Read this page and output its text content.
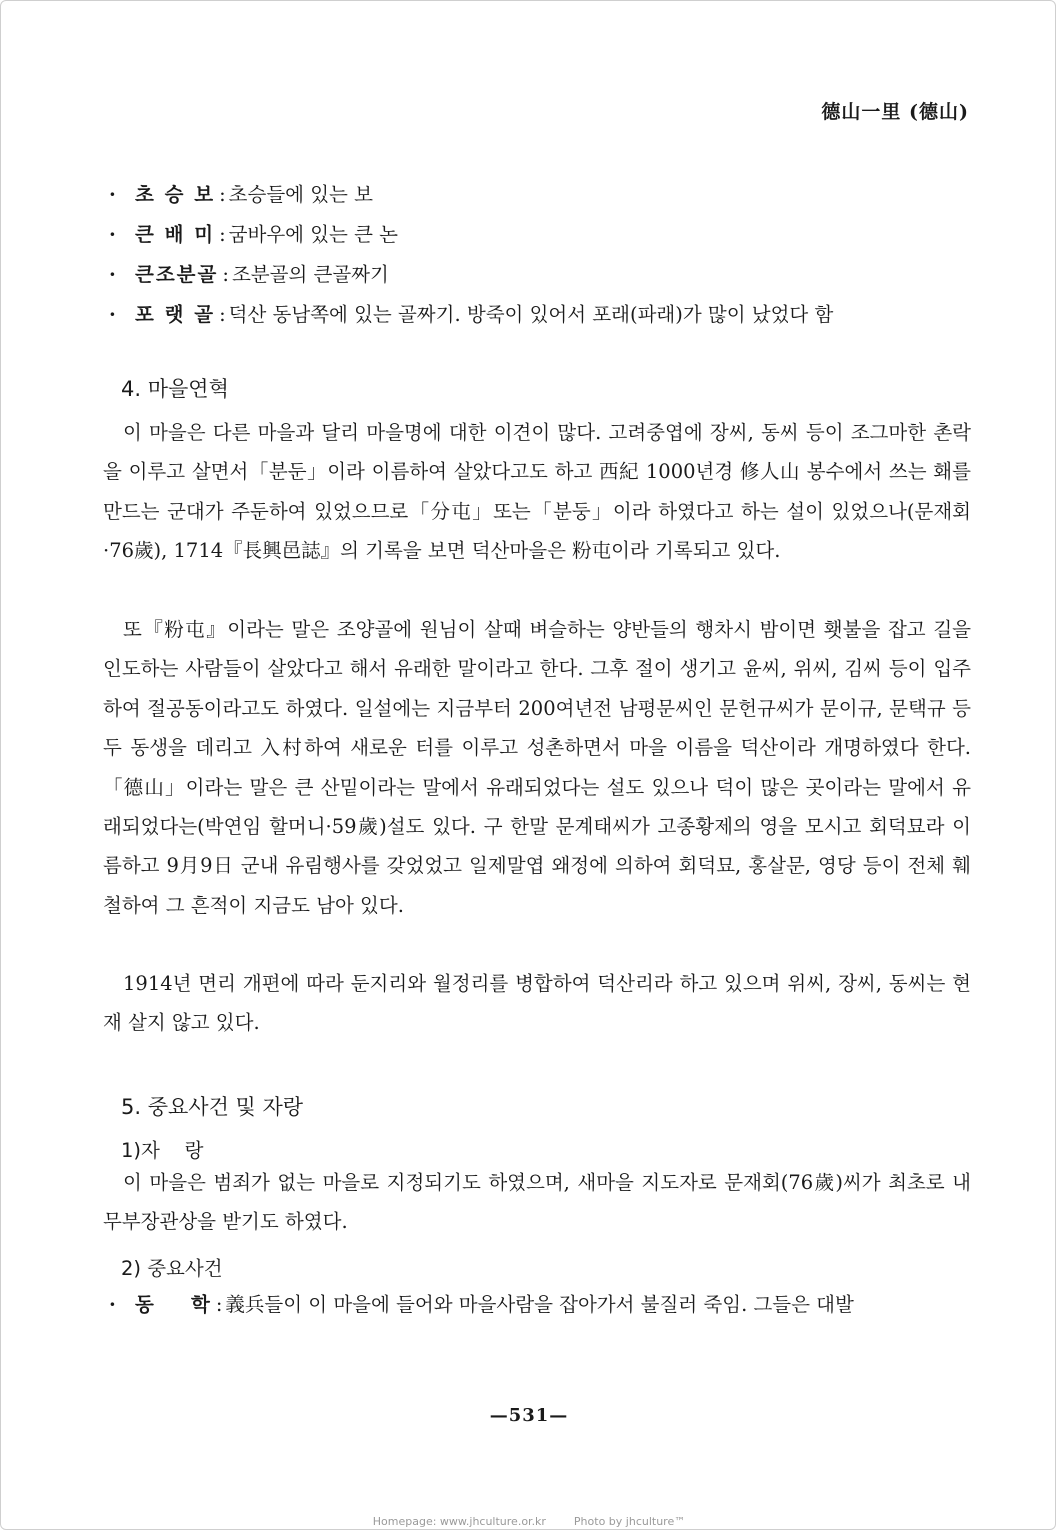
德山一里 (德山)
· 초 승 보 : 초승들에 있는 보
· 큰 배 미 : 굼바우에 있는 큰 논
· 큰조분골 : 조분골의 큰골짜기
· 포 랫 골 : 덕산 동남쪽에 있는 골짜기. 방죽이 있어서 포래(파래)가 많이 났었다 함
4. 마을연혁
이 마을은 다른 마을과 달리 마을명에 대한 이견이 많다. 고려중엽에 장씨, 동씨 등이 조그마한 촌락을 이루고 살면서「분둔」이라 이름하여 살았다고도 하고 西紀 1000년경 修人山 봉수에서 쓰는 홰를 만드는 군대가 주둔하여 있었으므로「分屯」또는「분둥」이라 하였다고 하는 설이 있었으나(문재회·76歲), 1714『長興邑誌』의 기록을 보면 덕산마을은 粉屯이라 기록되고 있다.
또『粉屯』이라는 말은 조양골에 원님이 살때 벼슬하는 양반들의 행차시 밤이면 횃불을 잡고 길을 인도하는 사람들이 살았다고 해서 유래한 말이라고 한다. 그후 절이 생기고 윤씨, 위씨, 김씨 등이 입주하여 절공동이라고도 하였다. 일설에는 지금부터 200여년전 남평문씨인 문헌규씨가 문이규, 문택규 등 두 동생을 데리고 入村하여 새로운 터를 이루고 성촌하면서 마을 이름을 덕산이라 개명하였다 한다.「德山」이라는 말은 큰 산밑이라는 말에서 유래되었다는 설도 있으나 덕이 많은 곳이라는 말에서 유래되었다는(박연임 할머니·59歲)설도 있다. 구 한말 문계태씨가 고종황제의 영을 모시고 회덕묘라 이름하고 9月9日 군내 유림행사를 갖었었고 일제말엽 왜정에 의하여 회덕묘, 홍살문, 영당 등이 전체 훼철하여 그 흔적이 지금도 남아 있다.
1914년 면리 개편에 따라 둔지리와 월정리를 병합하여 덕산리라 하고 있으며 위씨, 장씨, 동씨는 현재 살지 않고 있다.
5. 중요사건 및 자랑
1)자    랑
이 마을은 범죄가 없는 마을로 지정되기도 하였으며, 새마을 지도자로 문재회(76歲)씨가 최초로 내무부장관상을 받기도 하였다.
2) 중요사건
· 동    학 : 義兵들이 이 마을에 들어와 마을사람을 잡아가서 불질러 죽임. 그들은 대발
—531—
Homepage: www.jhculture.or.kr        Photo by jhculture™
